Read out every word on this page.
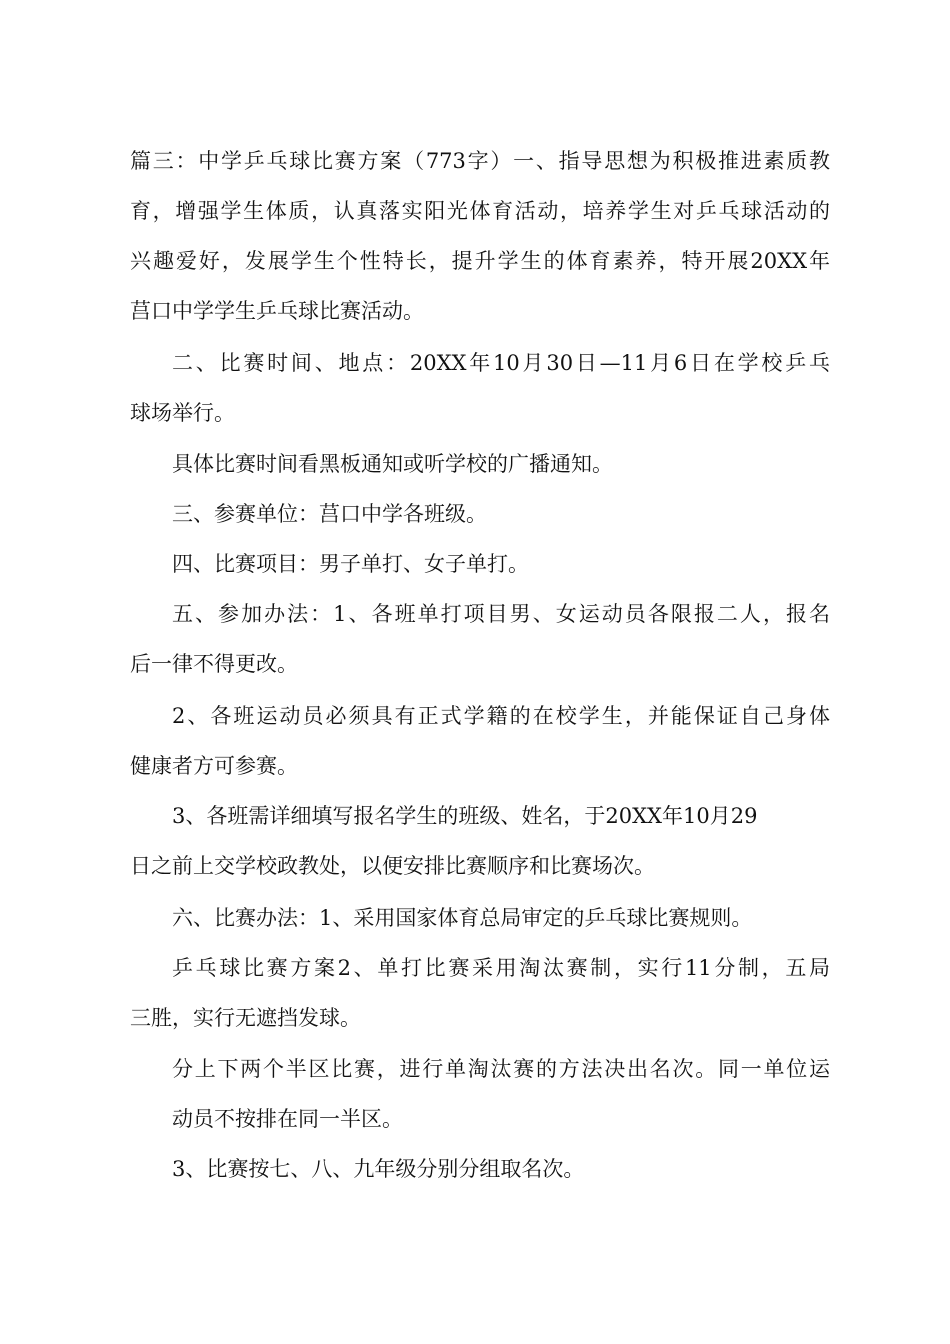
篇三：中学乒乓球比赛方案（773字）一、指导思想为积极推进素质教
育，增强学生体质，认真落实阳光体育活动，培养学生对乒乓球活动的
兴趣爱好，发展学生个性特长，提升学生的体育素养，特开展20XX年
莒口中学学生乒乓球比赛活动。
二、比赛时间、地点：20XX年10月30日—11月6日在学校乒乓
球场举行。
具体比赛时间看黑板通知或听学校的广播通知。
三、参赛单位：莒口中学各班级。
四、比赛项目：男子单打、女子单打。
五、参加办法：1、各班单打项目男、女运动员各限报二人，报名
后一律不得更改。
2、各班运动员必须具有正式学籍的在校学生，并能保证自己身体
健康者方可参赛。
3、各班需详细填写报名学生的班级、姓名，于20XX年10月29
日之前上交学校政教处，以便安排比赛顺序和比赛场次。
六、比赛办法：1、采用国家体育总局审定的乒乓球比赛规则。
乒乓球比赛方案2、单打比赛采用淘汰赛制，实行11分制，五局
三胜，实行无遮挡发球。
分上下两个半区比赛，进行单淘汰赛的方法决出名次。同一单位运
动员不按排在同一半区。
3、比赛按七、八、九年级分别分组取名次。
